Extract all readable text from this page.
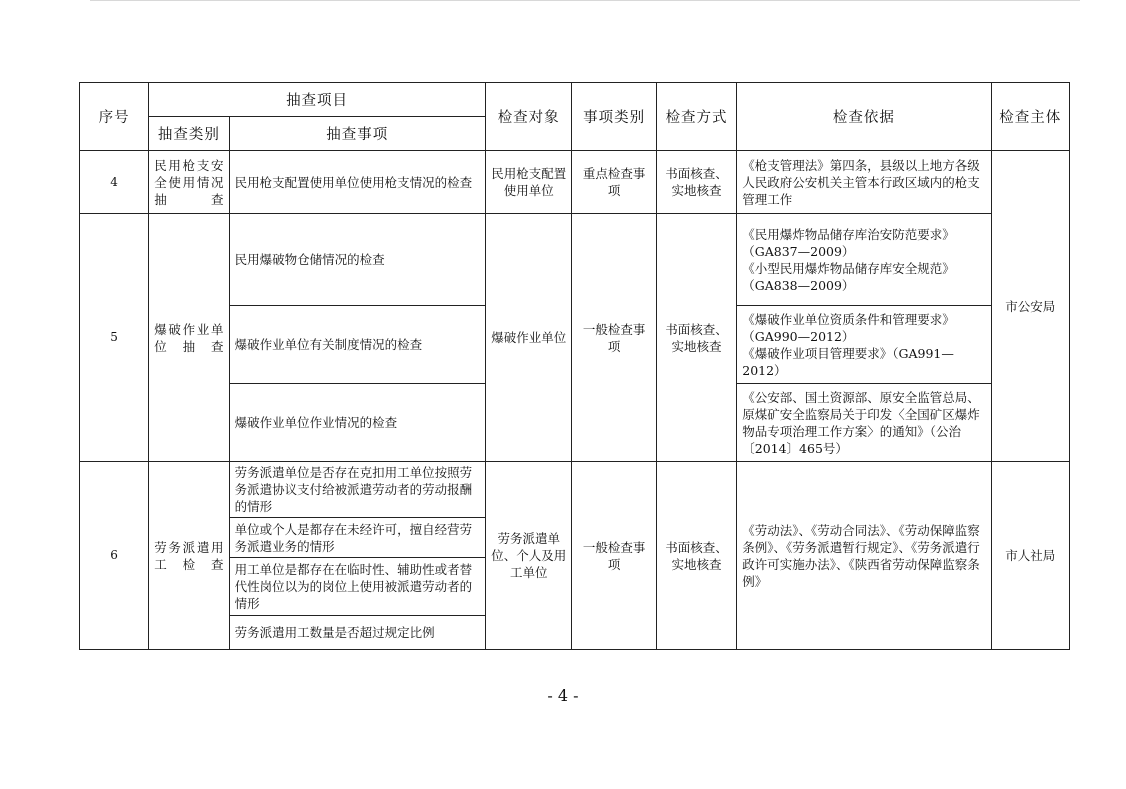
序号	抽查项目		检查对象	事项类别	检查方式	检查依据	检查主体
	抽查类别	抽查事项					
4	民用枪支安全使用情况抽查	民用枪支配置使用单位使用枪支情况的检查	民用枪支配置使用单位	重点检查事项	书面核查、实地核查	《枪支管理法》第四条，县级以上地方各级人民政府公安机关主管本行政区域内的枪支管理工作	市公安局
5	爆破作业单位抽查	民用爆破物仓储情况的检查	爆破作业单位	一般检查事项	书面核查、实地核查	《民用爆炸物品储存库治安防范要求》（GA837—2009）
《小型民用爆炸物品储存库安全规范》（GA838—2009）	
		爆破作业单位有关制度情况的检查				《爆破作业单位资质条件和管理要求》（GA990—2012）
《爆破作业项目管理要求》（GA991—2012）	
		爆破作业单位作业情况的检查				《公安部、国土资源部、原安全监管总局、原煤矿安全监察局关于印发〈全国矿区爆炸物品专项治理工作方案〉的通知》（公治〔2014〕465号）	
6	劳务派遣用工检查	劳务派遣单位是否存在克扣用工单位按照劳务派遣协议支付给被派遣劳动者的劳动报酬的情形	劳务派遣单位、个人及用工单位	一般检查事项	书面核查、实地核查	《劳动法》、《劳动合同法》、《劳动保障监察条例》、《劳务派遣暂行规定》、《劳务派遣行政许可实施办法》、《陕西省劳动保障监察条例》	市人社局
		单位或个人是都存在未经许可，擅自经营劳务派遣业务的情形					
		用工单位是都存在在临时性、辅助性或者替代性岗位以为的岗位上使用被派遣劳动者的情形					
		劳务派遣用工数量是否超过规定比例					
- 4 -
